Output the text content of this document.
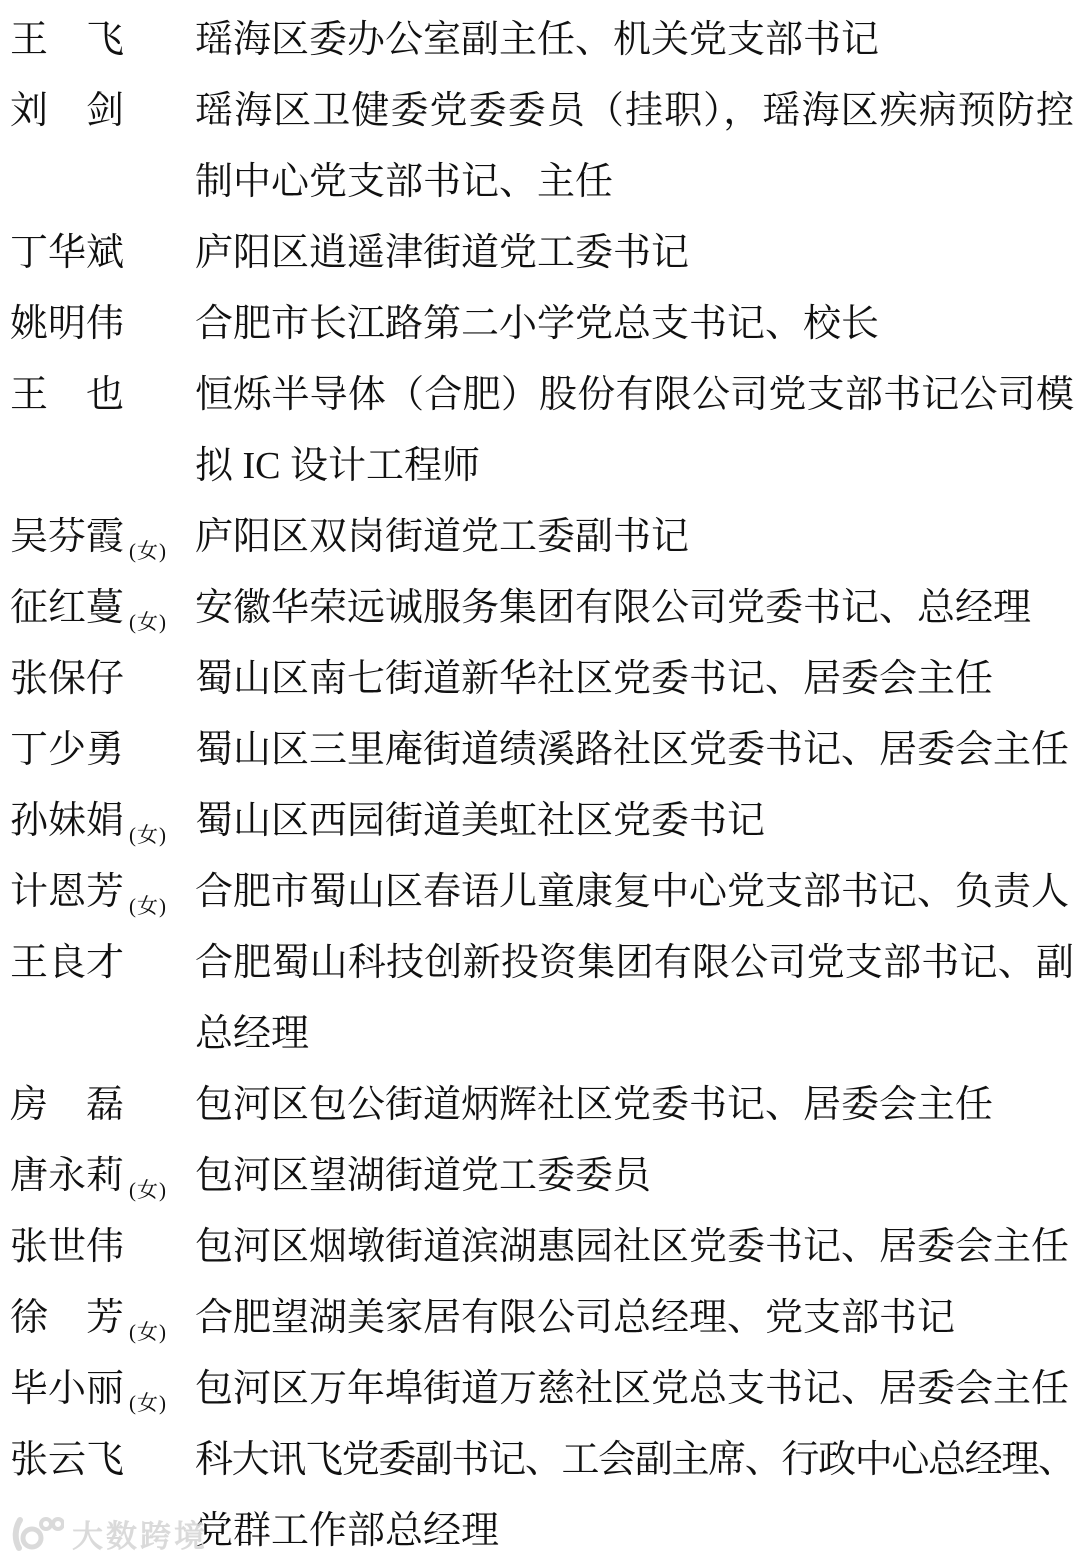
王　飞 瑶海区委办公室副主任、机关党支部书记
刘　剑 瑶海区卫健委党委委员（挂职），瑶海区疾病预防控
制中心党支部书记、主任
丁华斌 庐阳区逍遥津街道党工委书记
姚明伟 合肥市长江路第二小学党总支书记、校长
王　也 恒烁半导体（合肥）股份有限公司党支部书记公司模
拟 IC 设计工程师
吴芬霞 (女) 庐阳区双岗街道党工委副书记
征红蔓 (女) 安徽华荣远诚服务集团有限公司党委书记、总经理
张保仔 蜀山区南七街道新华社区党委书记、居委会主任
丁少勇 蜀山区三里庵街道绩溪路社区党委书记、居委会主任
孙妹娟 (女) 蜀山区西园街道美虹社区党委书记
计恩芳 (女) 合肥市蜀山区春语儿童康复中心党支部书记、负责人
王良才 合肥蜀山科技创新投资集团有限公司党支部书记、副
总经理
房　磊 包河区包公街道炳辉社区党委书记、居委会主任
唐永莉 (女) 包河区望湖街道党工委委员
张世伟 包河区烟墩街道滨湖惠园社区党委书记、居委会主任
徐　芳 (女) 合肥望湖美家居有限公司总经理、党支部书记
毕小丽 (女) 包河区万年埠街道万慈社区党总支书记、居委会主任
张云飞 科大讯飞党委副书记、工会副主席、行政中心总经理、
党群工作部总经理
大数跨境
